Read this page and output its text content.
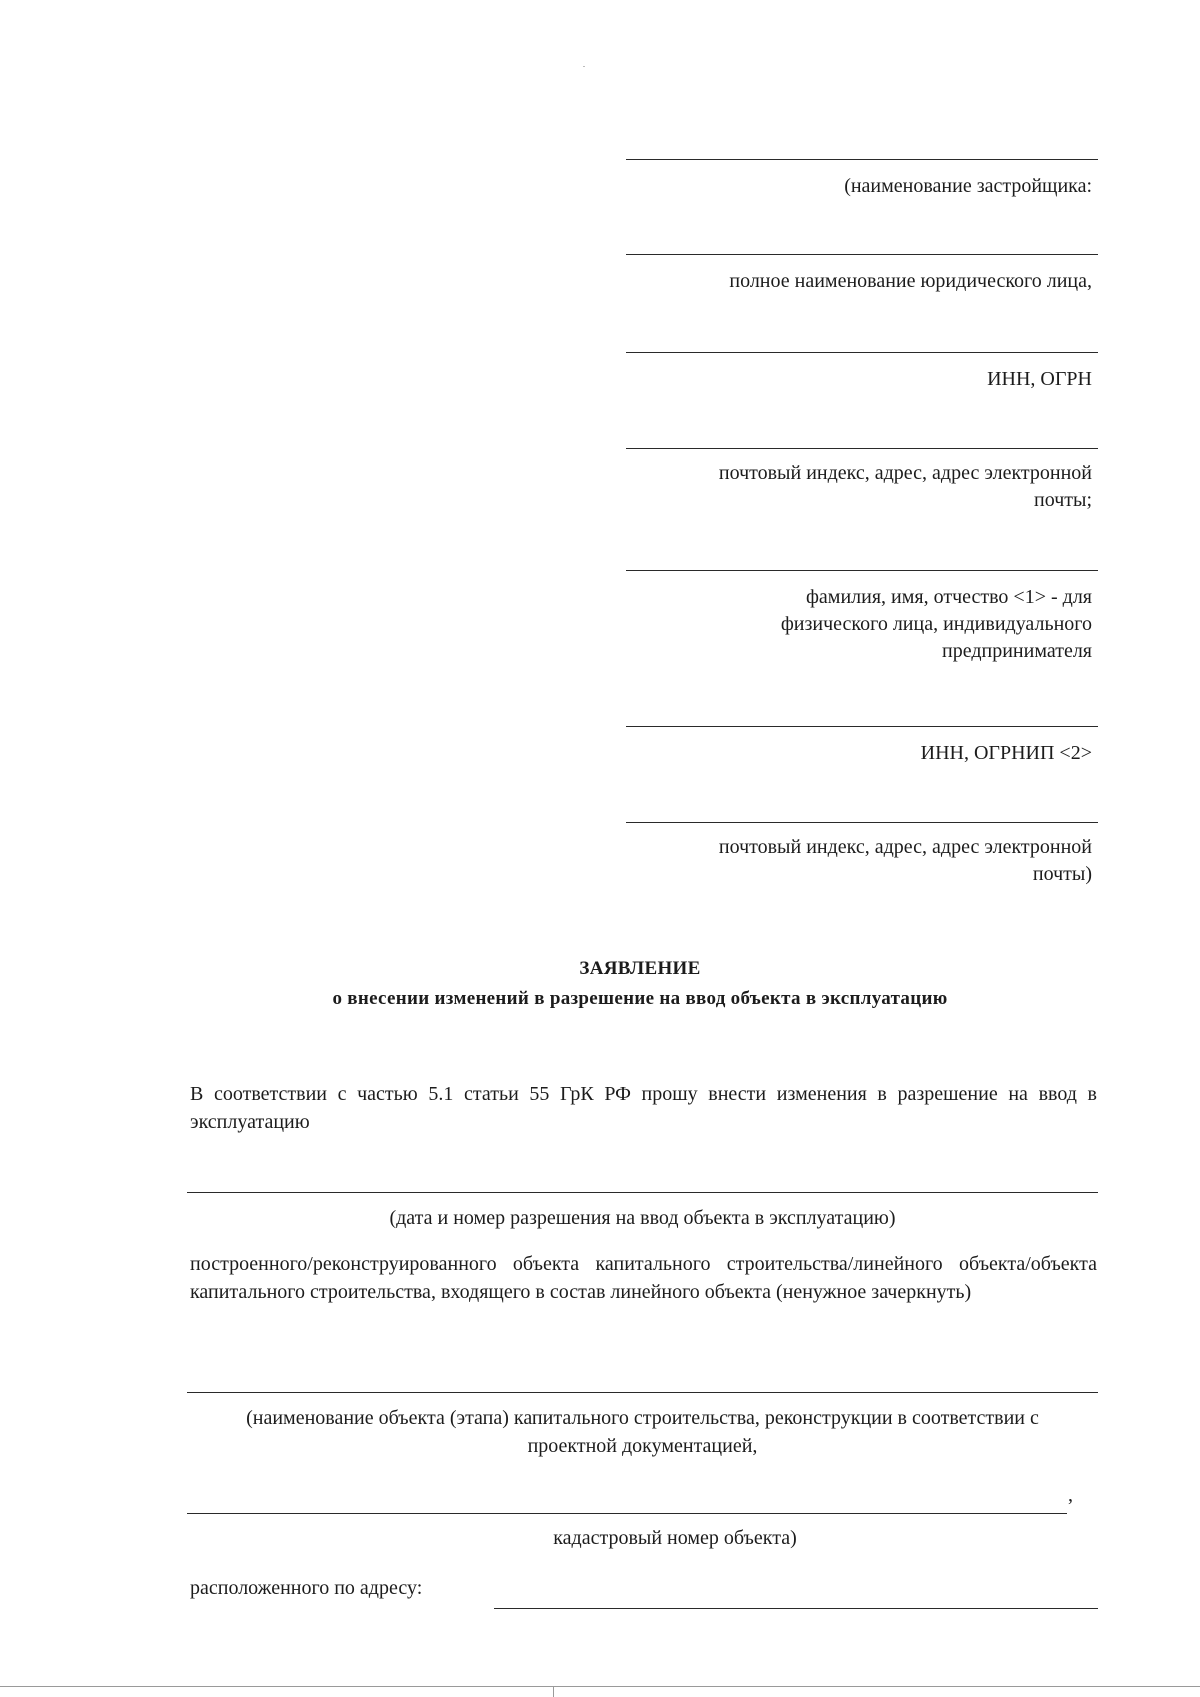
(наименование застройщика:
полное наименование юридического лица,
ИНН, ОГРН
почтовый индекс, адрес, адрес электронной
почты;
фамилия, имя, отчество <1> - для
физического лица, индивидуального
предпринимателя
ИНН, ОГРНИП <2>
почтовый индекс, адрес, адрес электронной
почты)
ЗАЯВЛЕНИЕ
о внесении изменений в разрешение на ввод объекта в эксплуатацию
В соответствии с частью 5.1 статьи 55 ГрК РФ прошу внести изменения в разрешение на ввод в эксплуатацию
(дата и номер разрешения на ввод объекта в эксплуатацию)
построенного/реконструированного объекта капитального строительства/линейного объекта/объекта капитального строительства, входящего в состав линейного объекта (ненужное зачеркнуть)
(наименование объекта (этапа) капитального строительства, реконструкции в соответствии с проектной документацией,
,
кадастровый номер объекта)
расположенного по адресу:
